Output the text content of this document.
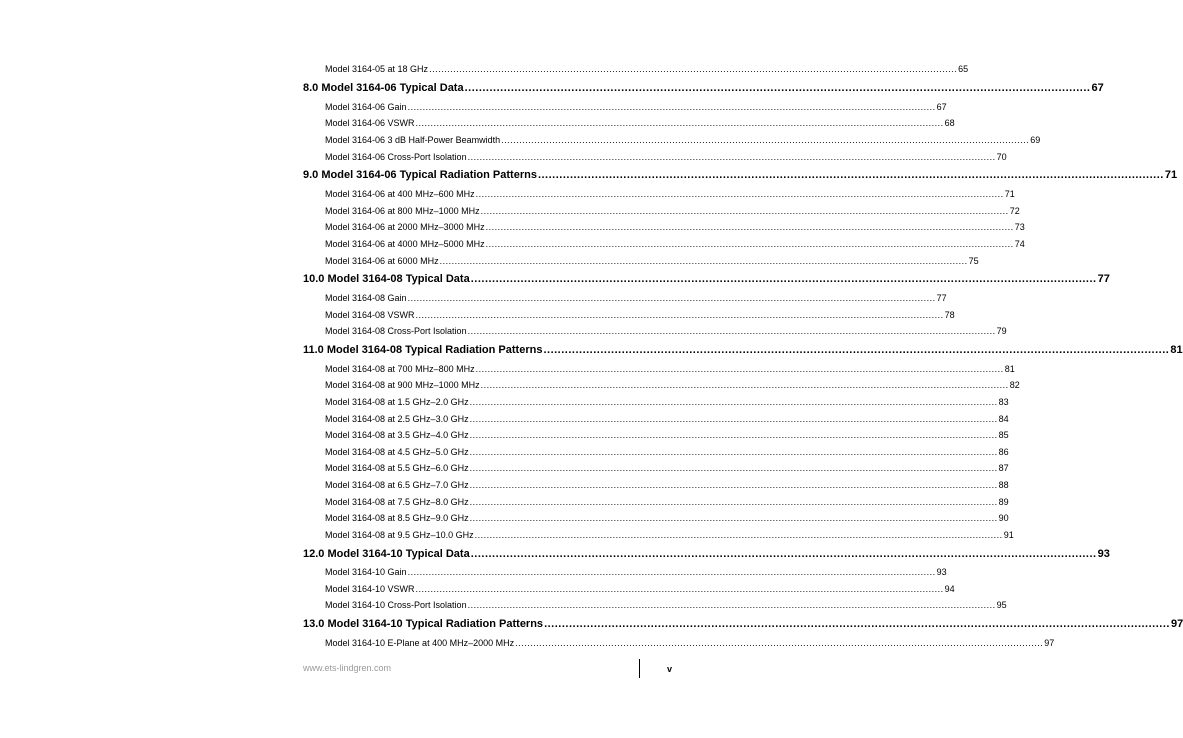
Model 3164-05 at 18 GHz ................................................................................................................................................................................ 65
8.0 Model 3164-06 Typical Data ................................................................................................................................................................................ 67
Model 3164-06 Gain ................................................................................................................................................................................ 67
Model 3164-06 VSWR ................................................................................................................................................................................ 68
Model 3164-06 3 dB Half-Power Beamwidth ................................................................................................................................................................................ 69
Model 3164-06 Cross-Port Isolation ................................................................................................................................................................................ 70
9.0 Model 3164-06 Typical Radiation Patterns ................................................................................................................................................................................ 71
Model 3164-06 at 400 MHz–600 MHz ................................................................................................................................................................................ 71
Model 3164-06 at 800 MHz–1000 MHz ................................................................................................................................................................................ 72
Model 3164-06 at 2000 MHz–3000 MHz ................................................................................................................................................................................ 73
Model 3164-06 at 4000 MHz–5000 MHz ................................................................................................................................................................................ 74
Model 3164-06 at 6000 MHz ................................................................................................................................................................................ 75
10.0 Model 3164-08 Typical Data ................................................................................................................................................................................ 77
Model 3164-08 Gain ................................................................................................................................................................................ 77
Model 3164-08 VSWR ................................................................................................................................................................................ 78
Model 3164-08 Cross-Port Isolation ................................................................................................................................................................................ 79
11.0 Model 3164-08 Typical Radiation Patterns ................................................................................................................................................................................ 81
Model 3164-08 at 700 MHz–800 MHz ................................................................................................................................................................................ 81
Model 3164-08 at 900 MHz–1000 MHz ................................................................................................................................................................................ 82
Model 3164-08 at 1.5 GHz–2.0 GHz ................................................................................................................................................................................ 83
Model 3164-08 at 2.5 GHz–3.0 GHz ................................................................................................................................................................................ 84
Model 3164-08 at 3.5 GHz–4.0 GHz ................................................................................................................................................................................ 85
Model 3164-08 at 4.5 GHz–5.0 GHz ................................................................................................................................................................................ 86
Model 3164-08 at 5.5 GHz–6.0 GHz ................................................................................................................................................................................ 87
Model 3164-08 at 6.5 GHz–7.0 GHz ................................................................................................................................................................................ 88
Model 3164-08 at 7.5 GHz–8.0 GHz ................................................................................................................................................................................ 89
Model 3164-08 at 8.5 GHz–9.0 GHz ................................................................................................................................................................................ 90
Model 3164-08 at 9.5 GHz–10.0 GHz ................................................................................................................................................................................ 91
12.0 Model 3164-10 Typical Data ................................................................................................................................................................................ 93
Model 3164-10 Gain ................................................................................................................................................................................ 93
Model 3164-10 VSWR ................................................................................................................................................................................ 94
Model 3164-10 Cross-Port Isolation ................................................................................................................................................................................ 95
13.0 Model 3164-10 Typical Radiation Patterns ................................................................................................................................................................................ 97
Model 3164-10 E-Plane at 400 MHz–2000 MHz ................................................................................................................................................................................ 97
www.ets-lindgren.com	v
